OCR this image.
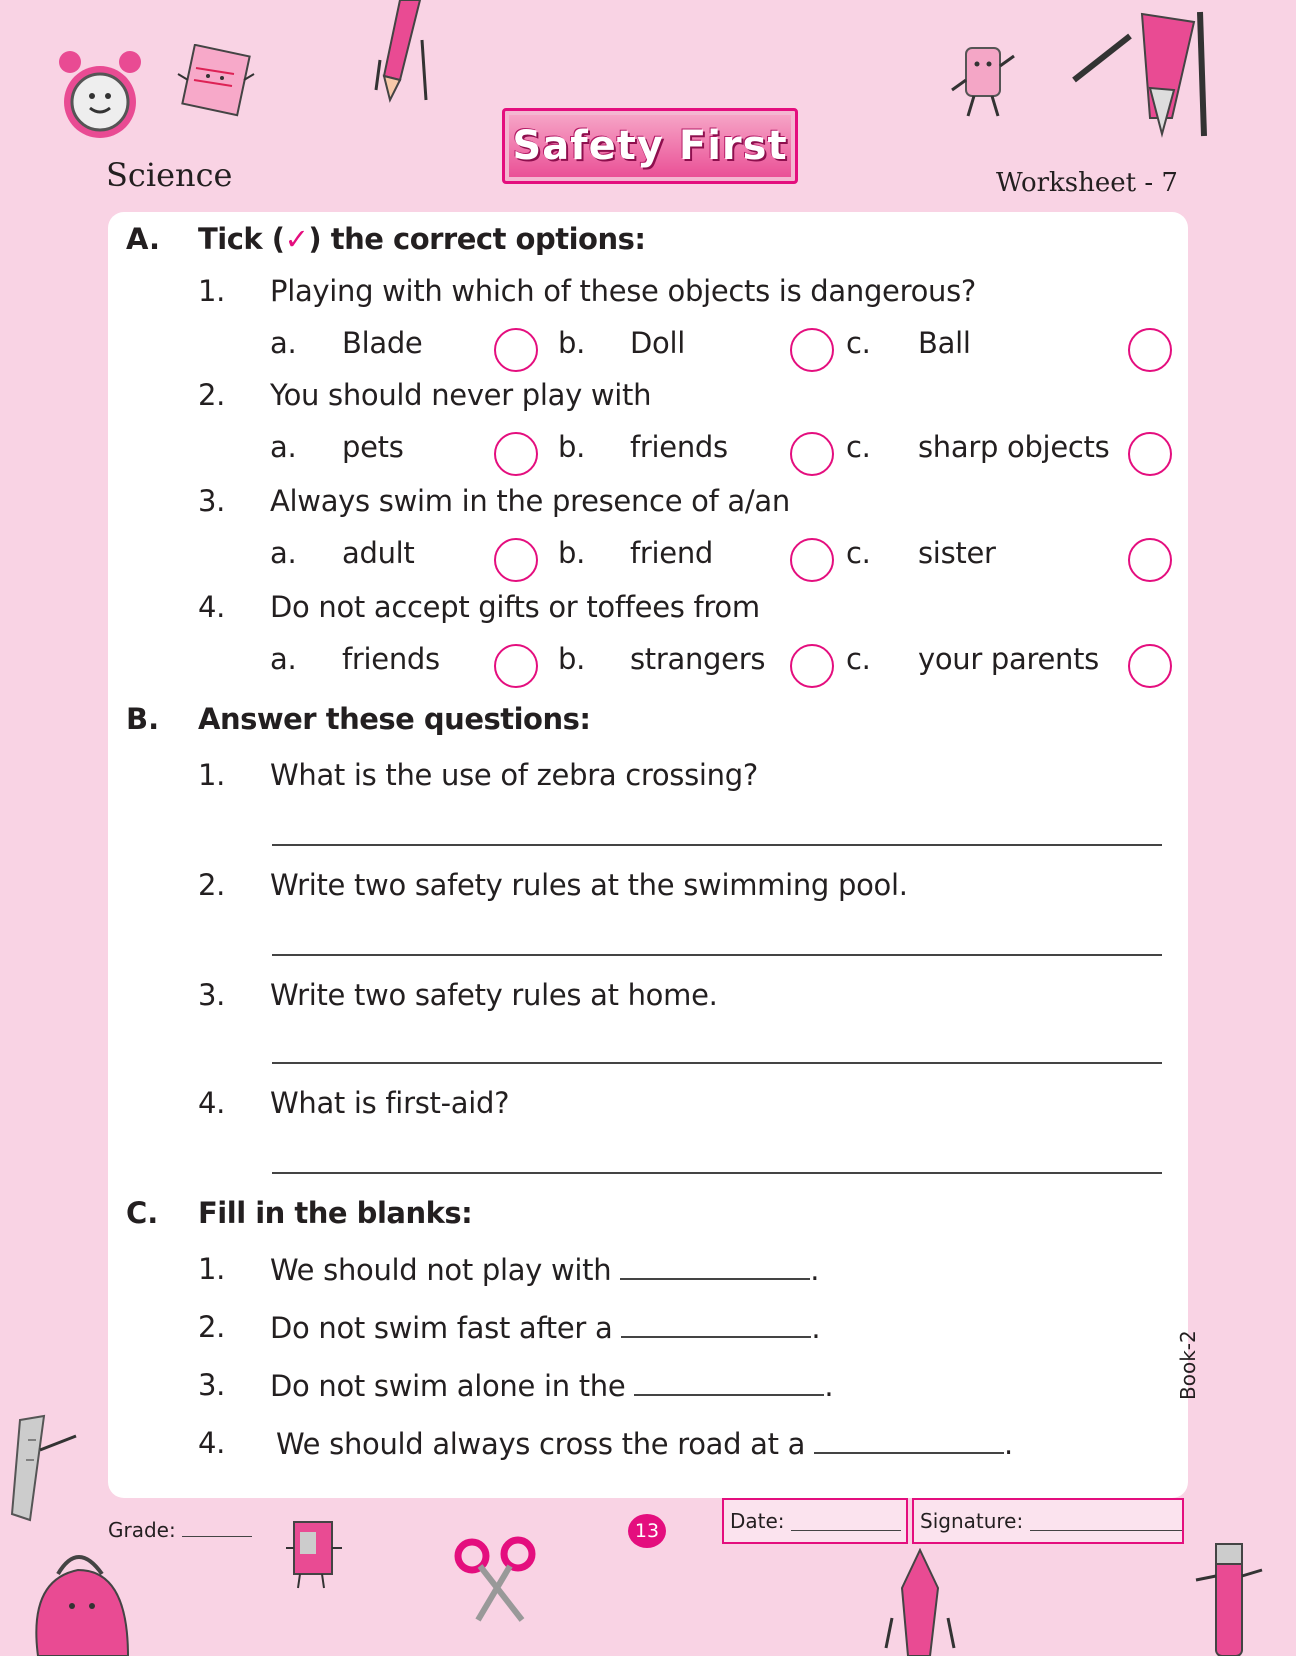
Science
Safety First
Worksheet - 7
A. Tick (✓) the correct options:
1. Playing with which of these objects is dangerous?
a. Blade	b. Doll	c. Ball
2. You should never play with
a. pets	b. friends	c. sharp objects
3. Always swim in the presence of a/an
a. adult	b. friend	c. sister
4. Do not accept gifts or toffees from
a. friends	b. strangers	c. your parents
B. Answer these questions:
1. What is the use of zebra crossing?
2. Write two safety rules at the swimming pool.
3. Write two safety rules at home.
4. What is first-aid?
C. Fill in the blanks:
1. We should not play with	.
2. Do not swim fast after a	.
3. Do not swim alone in the	.
4. We should always cross the road at a	.
Book-2
Grade:	13	Date:
	Signature:
